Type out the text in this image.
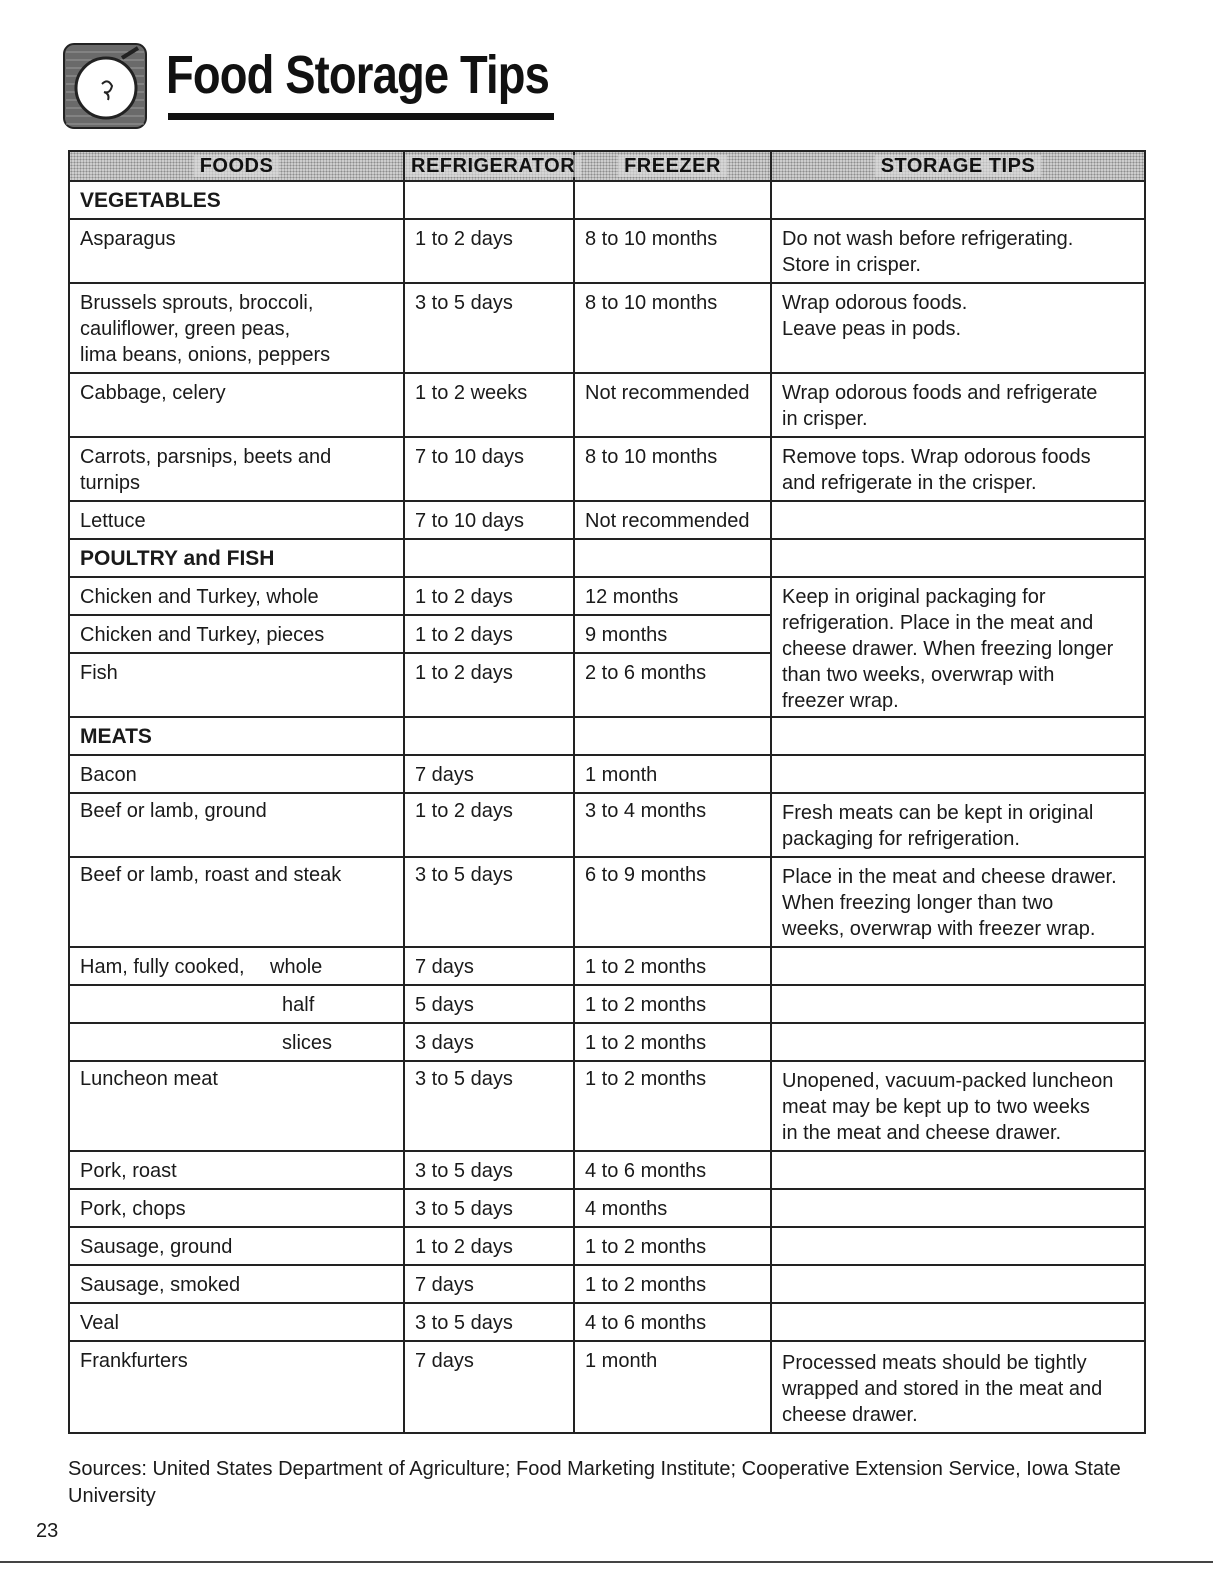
Food Storage Tips
FOODS	REFRIGERATOR	FREEZER	STORAGE TIPS
VEGETABLES			
Asparagus	1 to 2 days	8 to 10 months	Do not wash before refrigerating.
Store in crisper.
Brussels sprouts, broccoli,
cauliflower, green peas,
lima beans, onions, peppers	3 to 5 days	8 to 10 months	Wrap odorous foods.
Leave peas in pods.
Cabbage, celery	1 to 2 weeks	Not recommended	Wrap odorous foods and refrigerate
in crisper.
Carrots, parsnips, beets and
turnips	7 to 10 days	8 to 10 months	Remove tops. Wrap odorous foods
and refrigerate in the crisper.
Lettuce	7 to 10 days	Not recommended	
POULTRY and FISH			
Chicken and Turkey, whole	1 to 2 days	12 months	Keep in original packaging for
refrigeration. Place in the meat and
cheese drawer. When freezing longer
than two weeks, overwrap with
freezer wrap.
Chicken and Turkey, pieces	1 to 2 days	9 months	
Fish	1 to 2 days	2 to 6 months	
MEATS			
Bacon	7 days	1 month	
Beef or lamb, ground	1 to 2 days	3 to 4 months	Fresh meats can be kept in original
packaging for refrigeration.
Beef or lamb, roast and steak	3 to 5 days	6 to 9 months	Place in the meat and cheese drawer.
When freezing longer than two
weeks, overwrap with freezer wrap.
Ham, fully cooked, whole	7 days	1 to 2 months	
half	5 days	1 to 2 months	
slices	3 days	1 to 2 months	
Luncheon meat	3 to 5 days	1 to 2 months	Unopened, vacuum-packed luncheon
meat may be kept up to two weeks
in the meat and cheese drawer.
Pork, roast	3 to 5 days	4 to 6 months	
Pork, chops	3 to 5 days	4 months	
Sausage, ground	1 to 2 days	1 to 2 months	
Sausage, smoked	7 days	1 to 2 months	
Veal	3 to 5 days	4 to 6 months	
Frankfurters	7 days	1 month	Processed meats should be tightly
wrapped and stored in the meat and
cheese drawer.
Sources: United States Department of Agriculture; Food Marketing Institute; Cooperative Extension Service, Iowa State University
23
